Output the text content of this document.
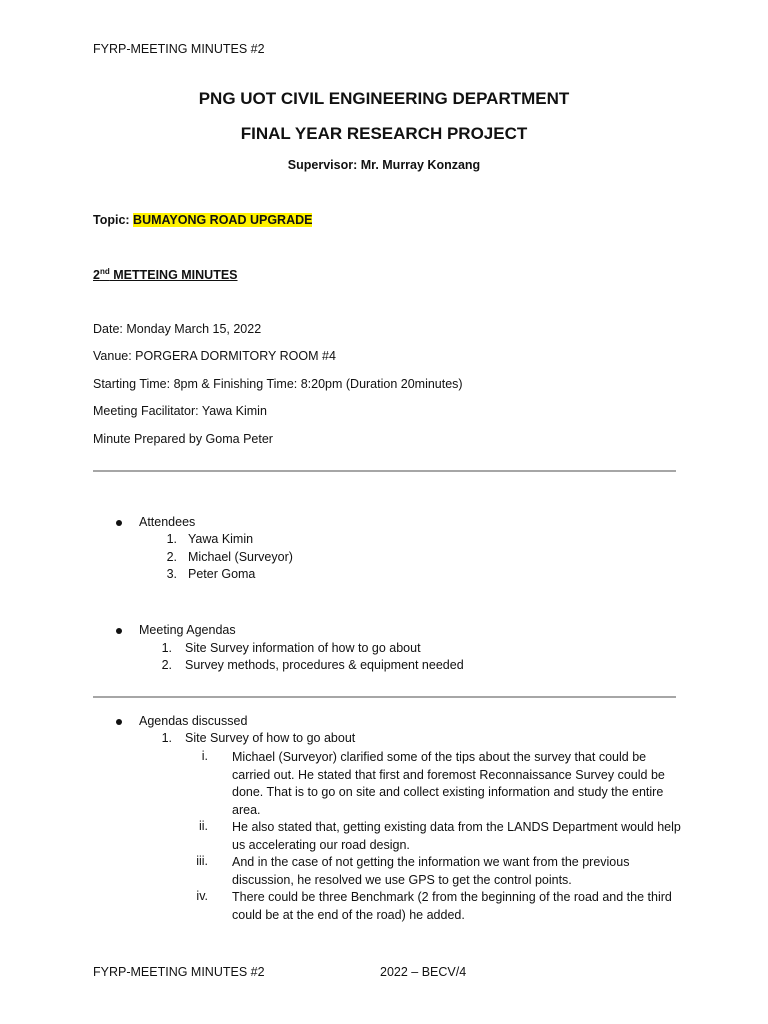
FYRP-MEETING MINUTES #2
PNG UOT CIVIL ENGINEERING DEPARTMENT
FINAL YEAR RESEARCH PROJECT
Supervisor: Mr. Murray Konzang
Topic: BUMAYONG ROAD UPGRADE
2nd METTEING MINUTES
Date: Monday March 15, 2022
Vanue: PORGERA DORMITORY ROOM #4
Starting Time: 8pm & Finishing Time: 8:20pm (Duration 20minutes)
Meeting Facilitator: Yawa Kimin
Minute Prepared by Goma Peter
Attendees
1. Yawa Kimin
2. Michael (Surveyor)
3. Peter Goma
Meeting Agendas
1. Site Survey information of how to go about
2. Survey methods, procedures & equipment needed
Agendas discussed
1. Site Survey of how to go about
i. Michael (Surveyor) clarified some of the tips about the survey that could be carried out. He stated that first and foremost Reconnaissance Survey could be done. That is to go on site and collect existing information and study the entire area.
ii. He also stated that, getting existing data from the LANDS Department would help us accelerating our road design.
iii. And in the case of not getting the information we want from the previous discussion, he resolved we use GPS to get the control points.
iv. There could be three Benchmark (2 from the beginning of the road and the third could be at the end of the road) he added.
FYRP-MEETING MINUTES #2	2022 – BECV/4
